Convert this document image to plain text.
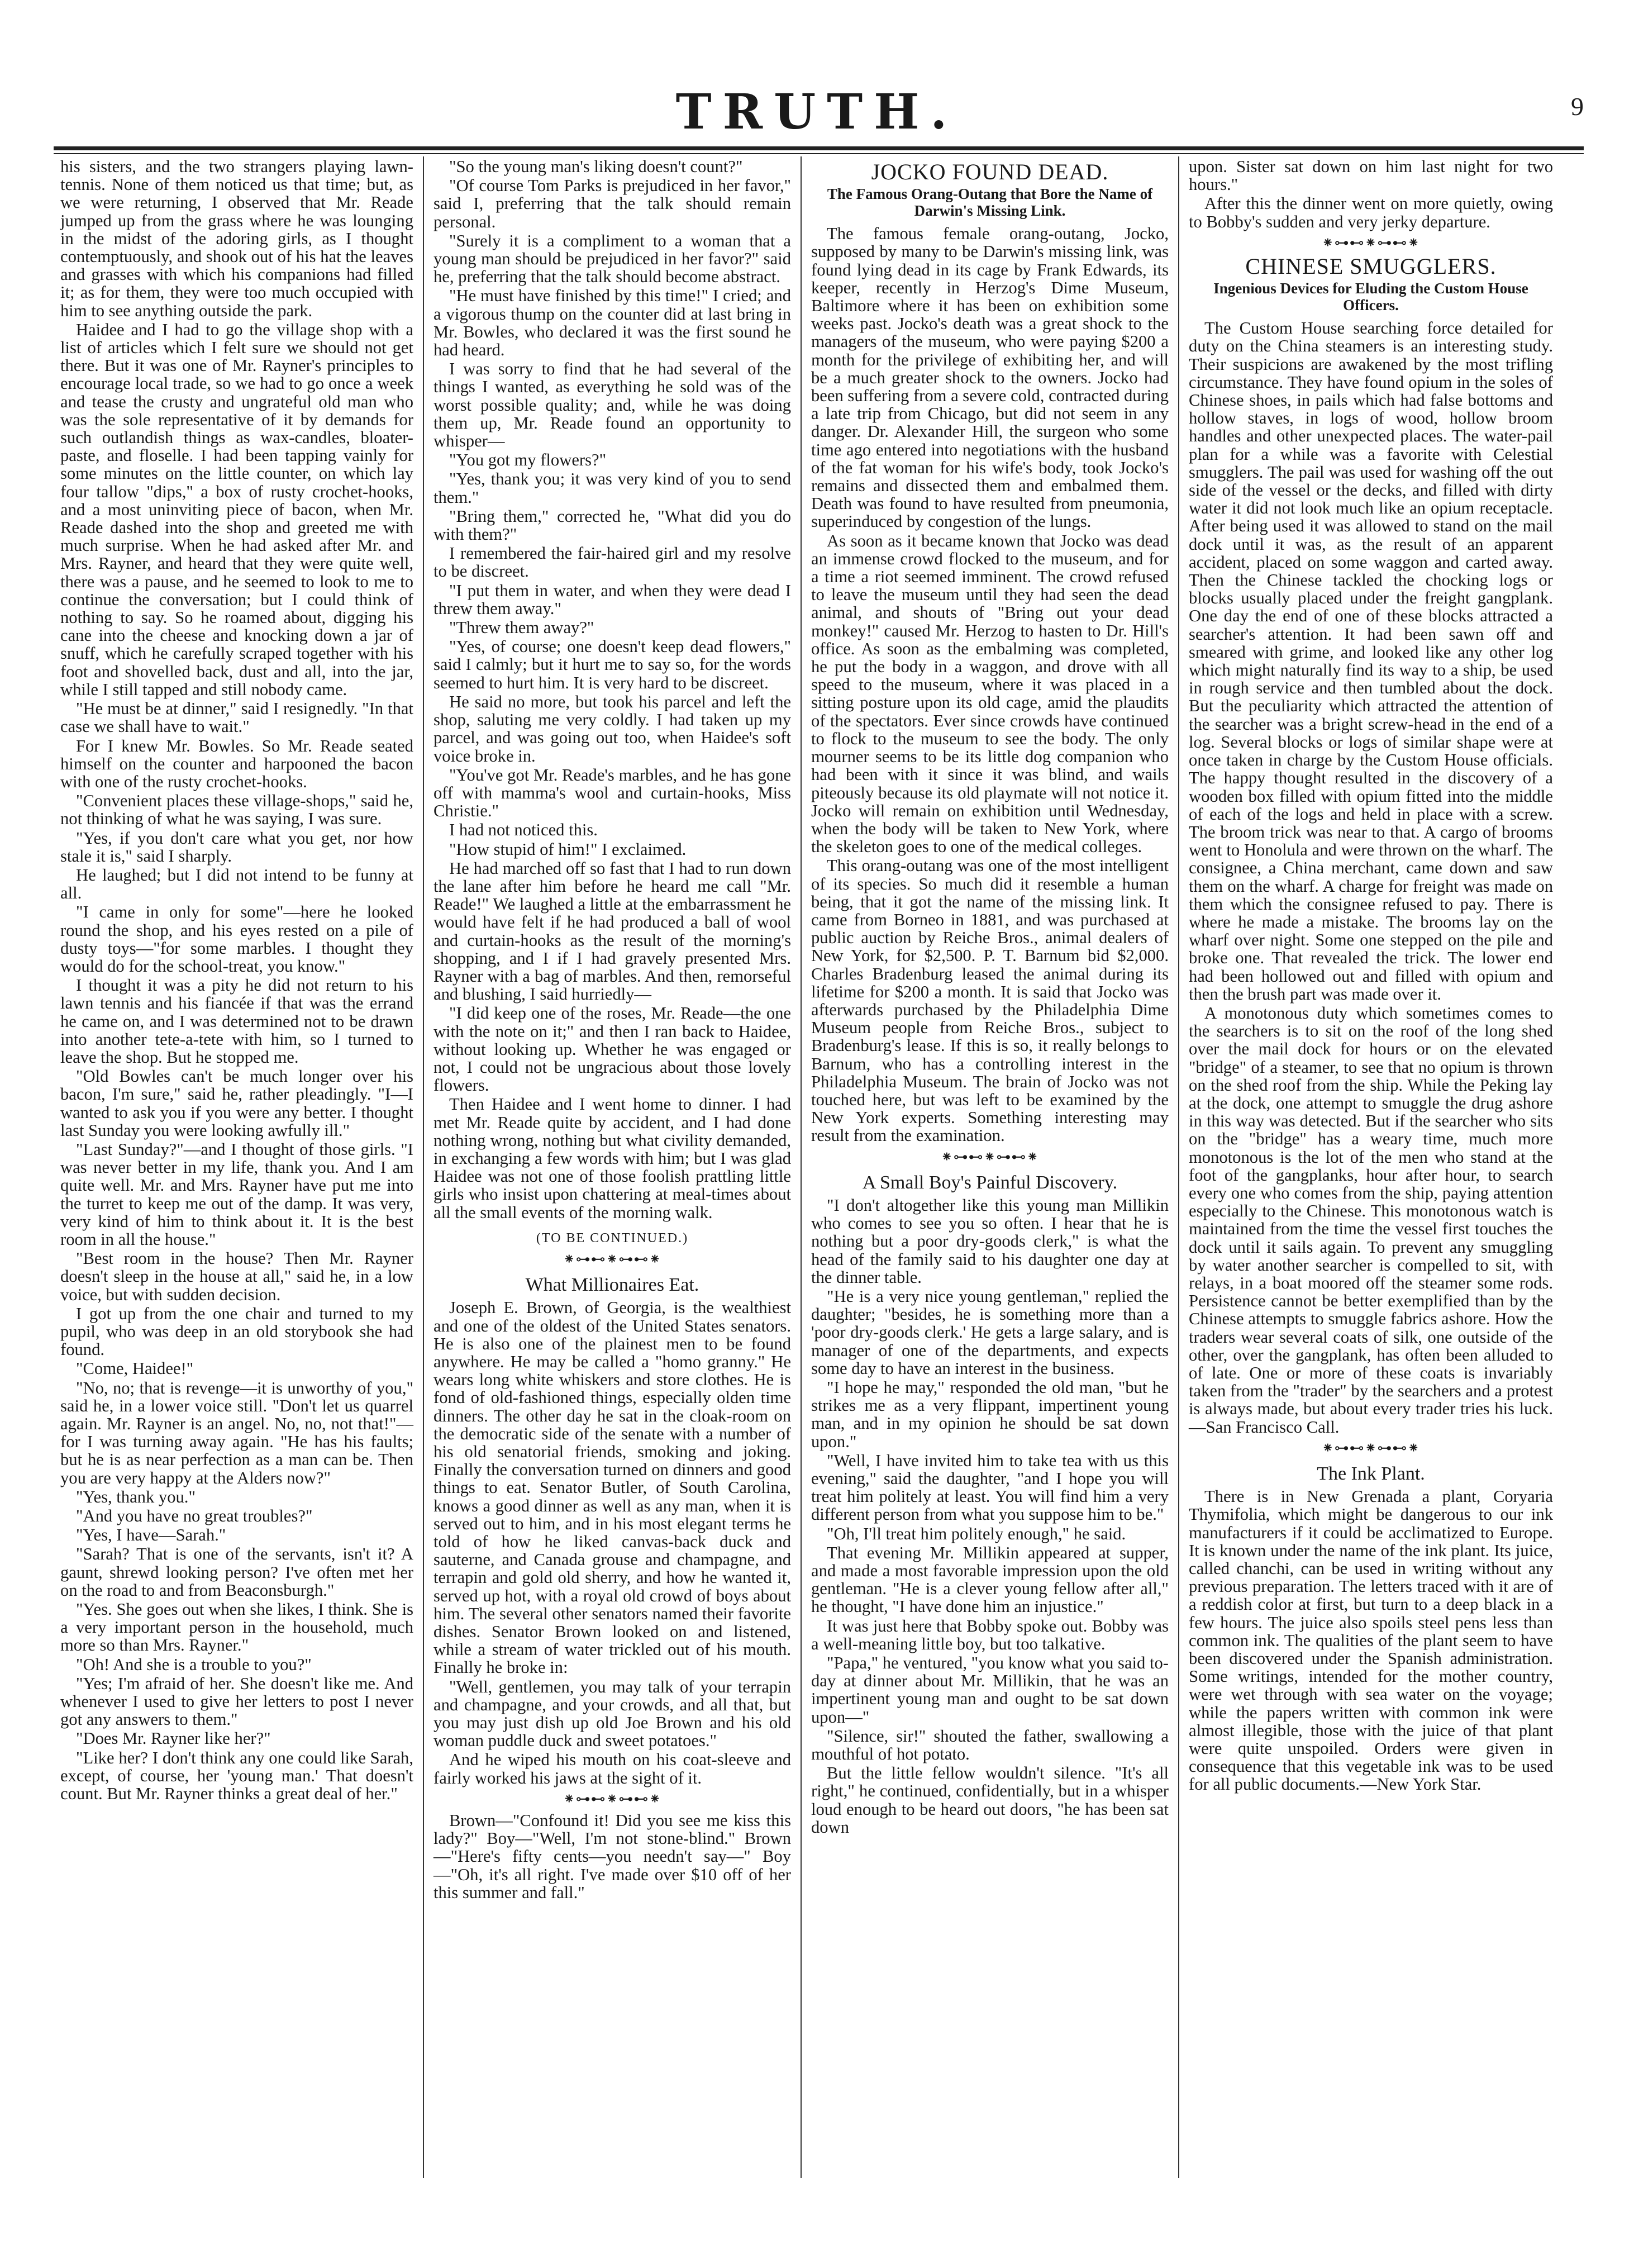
TRUTH.	9

his sisters, and the two strangers playing lawn-tennis. None of them noticed us that time; but, as we were returning, I observed that Mr. Reade jumped up from the grass where he was lounging in the midst of the adoring girls, as I thought contemptuously, and shook out of his hat the leaves and grasses with which his companions had filled it; as for them, they were too much occupied with him to see anything outside the park.

Haidee and I had to go the village shop with a list of articles which I felt sure we should not get there. But it was one of Mr. Rayner's principles to encourage local trade, so we had to go once a week and tease the crusty and ungrateful old man who was the sole representative of it by demands for such outlandish things as wax-candles, bloater-paste, and floselle. I had been tapping vainly for some minutes on the little counter, on which lay four tallow "dips," a box of rusty crochet-hooks, and a most uninviting piece of bacon, when Mr. Reade dashed into the shop and greeted me with much surprise. When he had asked after Mr. and Mrs. Rayner, and heard that they were quite well, there was a pause, and he seemed to look to me to continue the conversation; but I could think of nothing to say. So he roamed about, digging his cane into the cheese and knocking down a jar of snuff, which he carefully scraped together with his foot and shovelled back, dust and all, into the jar, while I still tapped and still nobody came.

"He must be at dinner," said I resignedly. "In that case we shall have to wait."

For I knew Mr. Bowles. So Mr. Reade seated himself on the counter and harpooned the bacon with one of the rusty crochet-hooks.

"Convenient places these village-shops," said he, not thinking of what he was saying, I was sure.

"Yes, if you don't care what you get, nor how stale it is," said I sharply.

He laughed; but I did not intend to be funny at all.

"I came in only for some"—here he looked round the shop, and his eyes rested on a pile of dusty toys—"for some marbles. I thought they would do for the school-treat, you know."

I thought it was a pity he did not return to his lawn tennis and his fiancée if that was the errand he came on, and I was determined not to be drawn into another tete-a-tete with him, so I turned to leave the shop. But he stopped me.

"Old Bowles can't be much longer over his bacon, I'm sure," said he, rather pleadingly. "I—I wanted to ask you if you were any better. I thought last Sunday you were looking awfully ill."

"Last Sunday?"—and I thought of those girls. "I was never better in my life, thank you. And I am quite well. Mr. and Mrs. Rayner have put me into the turret to keep me out of the damp. It was very, very kind of him to think about it. It is the best room in all the house."

"Best room in the house? Then Mr. Rayner doesn't sleep in the house at all," said he, in a low voice, but with sudden decision.

I got up from the one chair and turned to my pupil, who was deep in an old storybook she had found.

"Come, Haidee!"

"No, no; that is revenge—it is unworthy of you," said he, in a lower voice still. "Don't let us quarrel again. Mr. Rayner is an angel. No, no, not that!"—for I was turning away again. "He has his faults; but he is as near perfection as a man can be. Then you are very happy at the Alders now?"

"Yes, thank you."

"And you have no great troubles?"

"Yes, I have—Sarah."

"Sarah? That is one of the servants, isn't it? A gaunt, shrewd looking person? I've often met her on the road to and from Beaconsburgh."

"Yes. She goes out when she likes, I think. She is a very important person in the household, much more so than Mrs. Rayner."

"Oh! And she is a trouble to you?"

"Yes; I'm afraid of her. She doesn't like me. And whenever I used to give her letters to post I never got any answers to them."

"Does Mr. Rayner like her?"

"Like her? I don't think any one could like Sarah, except, of course, her 'young man.' That doesn't count. But Mr. Rayner thinks a great deal of her."

"So the young man's liking doesn't count?"

"Of course Tom Parks is prejudiced in her favor," said I, preferring that the talk should remain personal.

"Surely it is a compliment to a woman that a young man should be prejudiced in her favor?" said he, preferring that the talk should become abstract.

"He must have finished by this time!" I cried; and a vigorous thump on the counter did at last bring in Mr. Bowles, who declared it was the first sound he had heard.

I was sorry to find that he had several of the things I wanted, as everything he sold was of the worst possible quality; and, while he was doing them up, Mr. Reade found an opportunity to whisper—

"You got my flowers?"

"Yes, thank you; it was very kind of you to send them."

"Bring them," corrected he, "What did you do with them?"

I remembered the fair-haired girl and my resolve to be discreet.

"I put them in water, and when they were dead I threw them away."

"Threw them away?"

"Yes, of course; one doesn't keep dead flowers," said I calmly; but it hurt me to say so, for the words seemed to hurt him. It is very hard to be discreet.

He said no more, but took his parcel and left the shop, saluting me very coldly. I had taken up my parcel, and was going out too, when Haidee's soft voice broke in.

"You've got Mr. Reade's marbles, and he has gone off with mamma's wool and curtain-hooks, Miss Christie."

I had not noticed this.

"How stupid of him!" I exclaimed.

He had marched off so fast that I had to run down the lane after him before he heard me call "Mr. Reade!" We laughed a little at the embarrassment he would have felt if he had produced a ball of wool and curtain-hooks as the result of the morning's shopping, and I if I had gravely presented Mrs. Rayner with a bag of marbles. And then, remorseful and blushing, I said hurriedly—

"I did keep one of the roses, Mr. Reade—the one with the note on it;" and then I ran back to Haidee, without looking up. Whether he was engaged or not, I could not be ungracious about those lovely flowers.

Then Haidee and I went home to dinner. I had met Mr. Reade quite by accident, and I had done nothing wrong, nothing but what civility demanded, in exchanging a few words with him; but I was glad Haidee was not one of those foolish prattling little girls who insist upon chattering at meal-times about all the small events of the morning walk.

(TO BE CONTINUED.)
⁕⊶⊷⁕⊶⊷⁕
What Millionaires Eat.

Joseph E. Brown, of Georgia, is the wealthiest and one of the oldest of the United States senators. He is also one of the plainest men to be found anywhere. He may be called a "homo granny." He wears long white whiskers and store clothes. He is fond of old-fashioned things, especially olden time dinners. The other day he sat in the cloak-room on the democratic side of the senate with a number of his old senatorial friends, smoking and joking. Finally the conversation turned on dinners and good things to eat. Senator Butler, of South Carolina, knows a good dinner as well as any man, when it is served out to him, and in his most elegant terms he told of how he liked canvas-back duck and sauterne, and Canada grouse and champagne, and terrapin and gold old sherry, and how he wanted it, served up hot, with a royal old crowd of boys about him. The several other senators named their favorite dishes. Senator Brown looked on and listened, while a stream of water trickled out of his mouth. Finally he broke in:

"Well, gentlemen, you may talk of your terrapin and champagne, and your crowds, and all that, but you may just dish up old Joe Brown and his old woman puddle duck and sweet potatoes."

And he wiped his mouth on his coat-sleeve and fairly worked his jaws at the sight of it.

⁕⊶⊷⁕⊶⊷⁕

Brown—"Confound it! Did you see me kiss this lady?" Boy—"Well, I'm not stone-blind." Brown—"Here's fifty cents—you needn't say—" Boy—"Oh, it's all right. I've made over $10 off of her this summer and fall."

JOCKO FOUND DEAD.
The Famous Orang-Outang that Bore the Name of Darwin's Missing Link.

The famous female orang-outang, Jocko, supposed by many to be Darwin's missing link, was found lying dead in its cage by Frank Edwards, its keeper, recently in Herzog's Dime Museum, Baltimore where it has been on exhibition some weeks past. Jocko's death was a great shock to the managers of the museum, who were paying $200 a month for the privilege of exhibiting her, and will be a much greater shock to the owners. Jocko had been suffering from a severe cold, contracted during a late trip from Chicago, but did not seem in any danger. Dr. Alexander Hill, the surgeon who some time ago entered into negotiations with the husband of the fat woman for his wife's body, took Jocko's remains and dissected them and embalmed them. Death was found to have resulted from pneumonia, superinduced by congestion of the lungs.

As soon as it became known that Jocko was dead an immense crowd flocked to the museum, and for a time a riot seemed imminent. The crowd refused to leave the museum until they had seen the dead animal, and shouts of "Bring out your dead monkey!" caused Mr. Herzog to hasten to Dr. Hill's office. As soon as the embalming was completed, he put the body in a waggon, and drove with all speed to the museum, where it was placed in a sitting posture upon its old cage, amid the plaudits of the spectators. Ever since crowds have continued to flock to the museum to see the body. The only mourner seems to be its little dog companion who had been with it since it was blind, and wails piteously because its old playmate will not notice it. Jocko will remain on exhibition until Wednesday, when the body will be taken to New York, where the skeleton goes to one of the medical colleges.

This orang-outang was one of the most intelligent of its species. So much did it resemble a human being, that it got the name of the missing link. It came from Borneo in 1881, and was purchased at public auction by Reiche Bros., animal dealers of New York, for $2,500. P. T. Barnum bid $2,000. Charles Bradenburg leased the animal during its lifetime for $200 a month. It is said that Jocko was afterwards purchased by the Philadelphia Dime Museum people from Reiche Bros., subject to Bradenburg's lease. If this is so, it really belongs to Barnum, who has a controlling interest in the Philadelphia Museum. The brain of Jocko was not touched here, but was left to be examined by the New York experts. Something interesting may result from the examination.

⁕⊶⊷⁕⊶⊷⁕
A Small Boy's Painful Discovery.

"I don't altogether like this young man Millikin who comes to see you so often. I hear that he is nothing but a poor dry-goods clerk," is what the head of the family said to his daughter one day at the dinner table.

"He is a very nice young gentleman," replied the daughter; "besides, he is something more than a 'poor dry-goods clerk.' He gets a large salary, and is manager of one of the departments, and expects some day to have an interest in the business.

"I hope he may," responded the old man, "but he strikes me as a very flippant, impertinent young man, and in my opinion he should be sat down upon."

"Well, I have invited him to take tea with us this evening," said the daughter, "and I hope you will treat him politely at least. You will find him a very different person from what you suppose him to be."

"Oh, I'll treat him politely enough," he said.

That evening Mr. Millikin appeared at supper, and made a most favorable impression upon the old gentleman. "He is a clever young fellow after all," he thought, "I have done him an injustice."

It was just here that Bobby spoke out. Bobby was a well-meaning little boy, but too talkative.

"Papa," he ventured, "you know what you said to-day at dinner about Mr. Millikin, that he was an impertinent young man and ought to be sat down upon—"

"Silence, sir!" shouted the father, swallowing a mouthful of hot potato.

But the little fellow wouldn't silence. "It's all right," he continued, confidentially, but in a whisper loud enough to be heard out doors, "he has been sat down

upon. Sister sat down on him last night for two hours."

After this the dinner went on more quietly, owing to Bobby's sudden and very jerky departure.

⁕⊶⊷⁕⊶⊷⁕
CHINESE SMUGGLERS.
Ingenious Devices for Eluding the Custom House Officers.

The Custom House searching force detailed for duty on the China steamers is an interesting study. Their suspicions are awakened by the most trifling circumstance. They have found opium in the soles of Chinese shoes, in pails which had false bottoms and hollow staves, in logs of wood, hollow broom handles and other unexpected places. The water-pail plan for a while was a favorite with Celestial smugglers. The pail was used for washing off the out side of the vessel or the decks, and filled with dirty water it did not look much like an opium receptacle. After being used it was allowed to stand on the mail dock until it was, as the result of an apparent accident, placed on some waggon and carted away. Then the Chinese tackled the chocking logs or blocks usually placed under the freight gangplank. One day the end of one of these blocks attracted a searcher's attention. It had been sawn off and smeared with grime, and looked like any other log which might naturally find its way to a ship, be used in rough service and then tumbled about the dock. But the peculiarity which attracted the attention of the searcher was a bright screw-head in the end of a log. Several blocks or logs of similar shape were at once taken in charge by the Custom House officials. The happy thought resulted in the discovery of a wooden box filled with opium fitted into the middle of each of the logs and held in place with a screw. The broom trick was near to that. A cargo of brooms went to Honolula and were thrown on the wharf. The consignee, a China merchant, came down and saw them on the wharf. A charge for freight was made on them which the consignee refused to pay. There is where he made a mistake. The brooms lay on the wharf over night. Some one stepped on the pile and broke one. That revealed the trick. The lower end had been hollowed out and filled with opium and then the brush part was made over it.

A monotonous duty which sometimes comes to the searchers is to sit on the roof of the long shed over the mail dock for hours or on the elevated "bridge" of a steamer, to see that no opium is thrown on the shed roof from the ship. While the Peking lay at the dock, one attempt to smuggle the drug ashore in this way was detected. But if the searcher who sits on the "bridge" has a weary time, much more monotonous is the lot of the men who stand at the foot of the gangplanks, hour after hour, to search every one who comes from the ship, paying attention especially to the Chinese. This monotonous watch is maintained from the time the vessel first touches the dock until it sails again. To prevent any smuggling by water another searcher is compelled to sit, with relays, in a boat moored off the steamer some rods. Persistence cannot be better exemplified than by the Chinese attempts to smuggle fabrics ashore. How the traders wear several coats of silk, one outside of the other, over the gangplank, has often been alluded to of late. One or more of these coats is invariably taken from the "trader" by the searchers and a protest is always made, but about every trader tries his luck.—San Francisco Call.

⁕⊶⊷⁕⊶⊷⁕
The Ink Plant.

There is in New Grenada a plant, Coryaria Thymifolia, which might be dangerous to our ink manufacturers if it could be acclimatized to Europe. It is known under the name of the ink plant. Its juice, called chanchi, can be used in writing without any previous preparation. The letters traced with it are of a reddish color at first, but turn to a deep black in a few hours. The juice also spoils steel pens less than common ink. The qualities of the plant seem to have been discovered under the Spanish administration. Some writings, intended for the mother country, were wet through with sea water on the voyage; while the papers written with common ink were almost illegible, those with the juice of that plant were quite unspoiled. Orders were given in consequence that this vegetable ink was to be used for all public documents.—New York Star.
